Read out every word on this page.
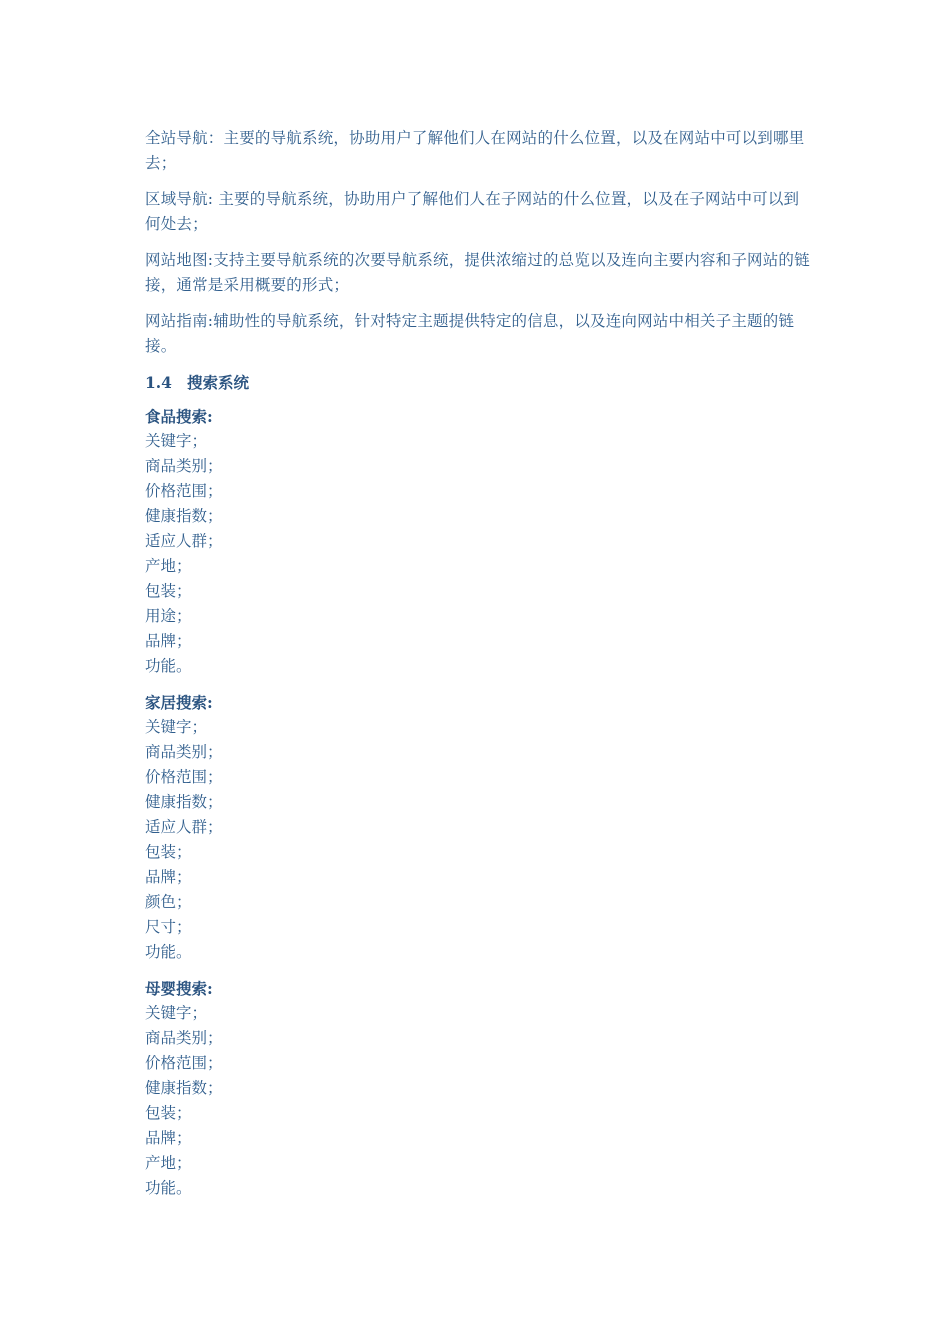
全站导航：主要的导航系统，协助用户了解他们人在网站的什么位置，以及在网站中可以到哪里去；

区域导航: 主要的导航系统，协助用户了解他们人在子网站的什么位置，以及在子网站中可以到何处去；

网站地图:支持主要导航系统的次要导航系统，提供浓缩过的总览以及连向主要内容和子网站的链接，通常是采用概要的形式；

网站指南:辅助性的导航系统，针对特定主题提供特定的信息，以及连向网站中相关子主题的链接。

1.4 搜索系统
食品搜索:
关键字；
商品类别；
价格范围；
健康指数；
适应人群；
产地；
包装；
用途；
品牌；
功能。
家居搜索:
关键字；
商品类别；
价格范围；
健康指数；
适应人群；
包装；
品牌；
颜色；
尺寸；
功能。
母婴搜索:
关键字；
商品类别；
价格范围；
健康指数；
包装；
品牌；
产地；
功能。
